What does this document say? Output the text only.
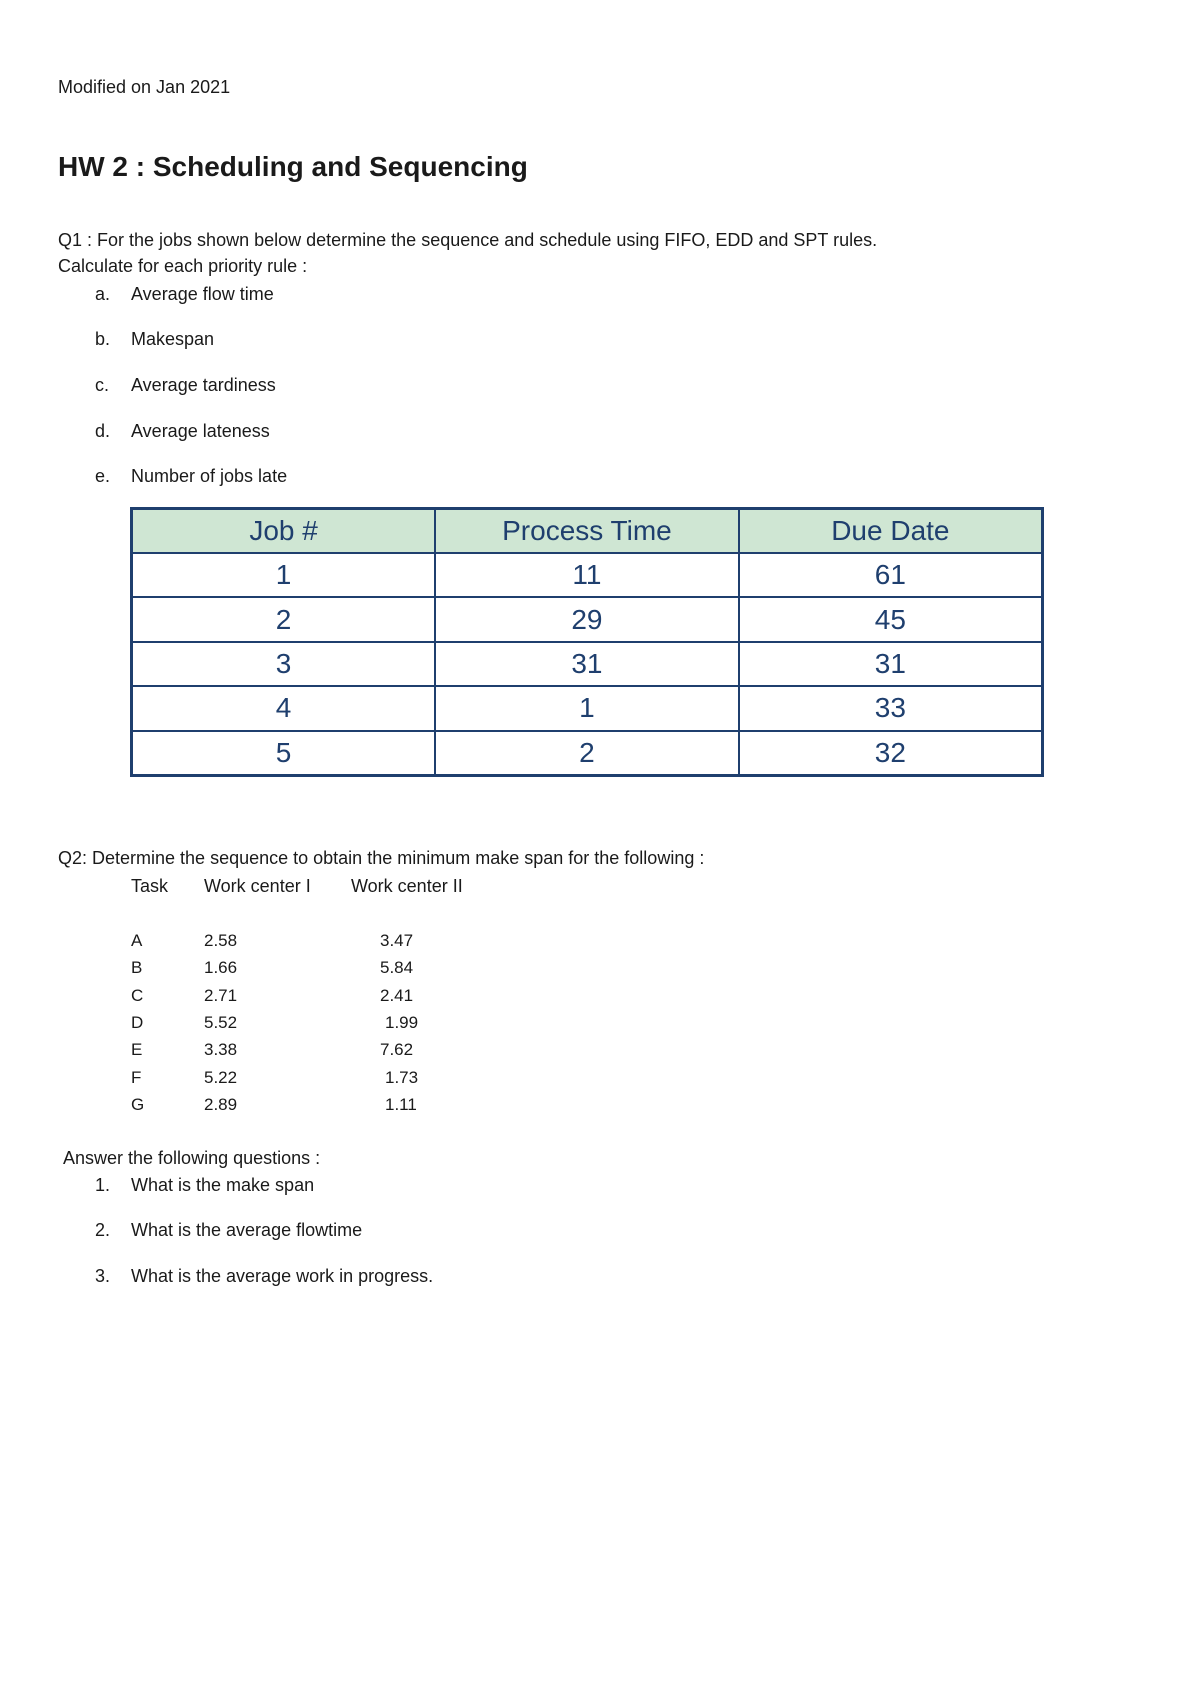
Modified on Jan 2021
HW 2 : Scheduling and Sequencing
Q1 : For the jobs shown below determine the sequence and schedule using FIFO, EDD and SPT rules.
Calculate for each priority rule :
a. Average flow time
b. Makespan
c. Average tardiness
d. Average lateness
e. Number of jobs late
Job #	Process Time	Due Date
1	11	61
2	29	45
3	31	31
4	1	33
5	2	32
Q2: Determine the sequence to obtain the minimum make span for the following :
Task Work center I Work center II
A	2.58	3.47
B	1.66	5.84
C	2.71	2.41
D	5.52	1.99
E	3.38	7.62
F	5.22	1.73
G	2.89	1.11
Answer the following questions :
1. What is the make span
2. What is the average flowtime
3. What is the average work in progress.
